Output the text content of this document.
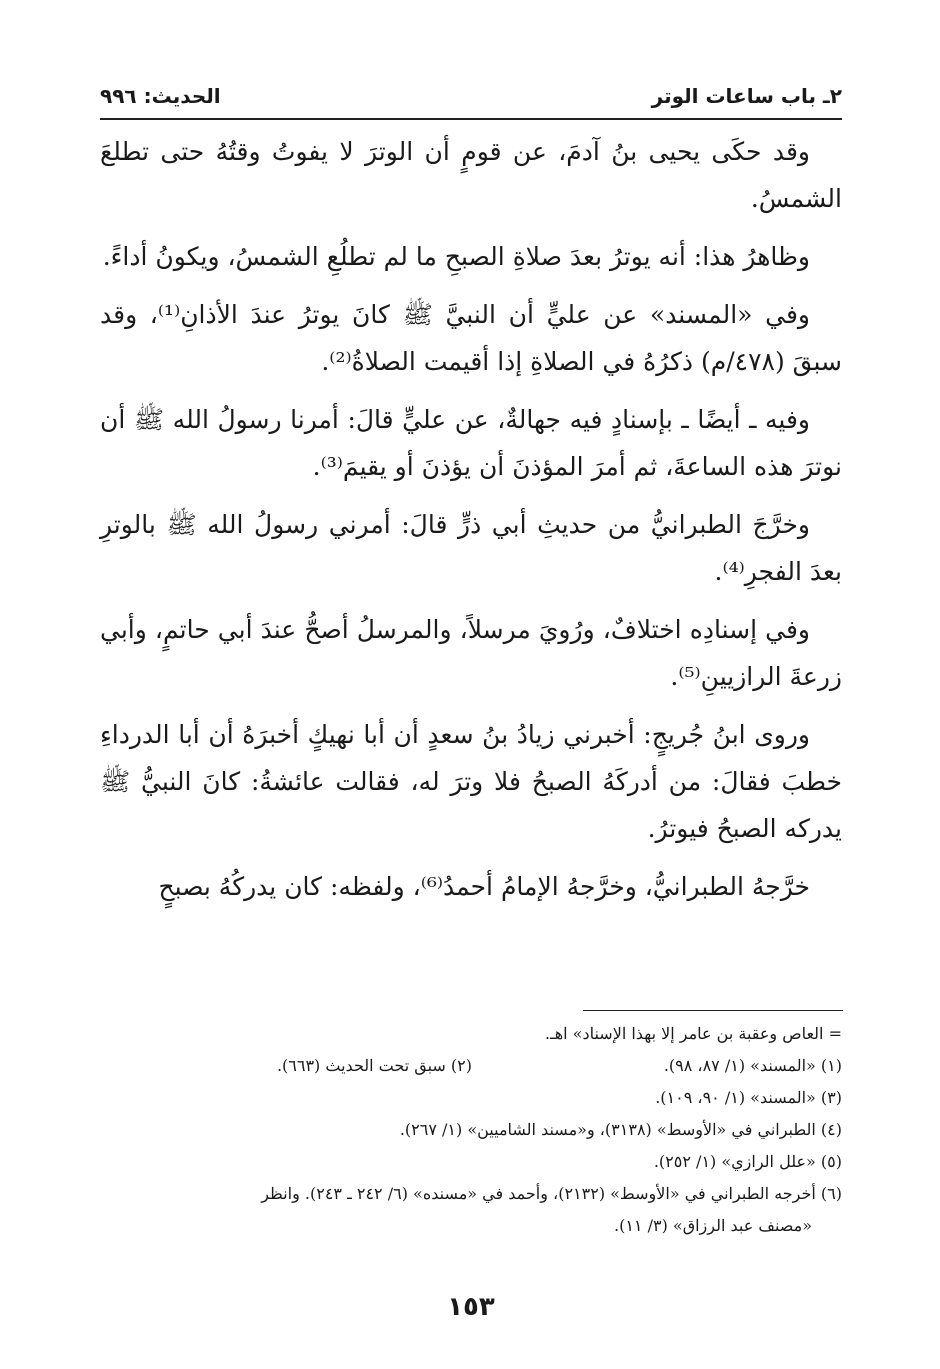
٢ـ باب ساعات الوتر
الحديث: ٩٩٦

وقد حكَى يحيى بنُ آدمَ، عن قومٍ أن الوترَ لا يفوتُ وقتُهُ حتى تطلعَ الشمسُ.

وظاهرُ هذا: أنه يوترُ بعدَ صلاةِ الصبحِ ما لم تطلُعِ الشمسُ، ويكونُ أداءً.

وفي «المسند» عن عليٍّ أن النبيَّ ﷺ كانَ يوترُ عندَ الأذانِ⁽¹⁾، وقد سبقَ (٤٧٨/م) ذكرُهُ في الصلاةِ إذا أقيمت الصلاةُ⁽²⁾.

وفيه ـ أيضًا ـ بإسنادٍ فيه جهالةٌ، عن عليٍّ قالَ: أمرنا رسولُ الله ﷺ أن نوترَ هذه الساعةَ، ثم أمرَ المؤذنَ أن يؤذنَ أو يقيمَ⁽³⁾.

وخرَّجَ الطبرانيُّ من حديثِ أبي ذرٍّ قالَ: أمرني رسولُ الله ﷺ بالوترِ بعدَ الفجرِ⁽⁴⁾.

وفي إسنادِه اختلافٌ، ورُويَ مرسلاً، والمرسلُ أصحُّ عندَ أبي حاتمٍ، وأبي زرعةَ الرازيينِ⁽⁵⁾.

وروى ابنُ جُريجٍ: أخبرني زيادُ بنُ سعدٍ أن أبا نهيكٍ أخبرَهُ أن أبا الدرداءِ خطبَ فقالَ: من أدركَهُ الصبحُ فلا وترَ له، فقالت عائشةُ: كانَ النبيُّ ﷺ يدركه الصبحُ فيوترُ.

خرَّجهُ الطبرانيُّ، وخرَّجهُ الإمامُ أحمدُ⁽⁶⁾، ولفظه: كان يدركُهُ بصبحٍ

= العاص وعقبة بن عامر إلا بهذا الإسناد» اهـ.

(١) «المسند» (١/ ٨٧، ٩٨).

(٢) سبق تحت الحديث (٦٦٣).

(٣) «المسند» (١/ ٩٠، ١٠٩).

(٤) الطبراني في «الأوسط» (٣١٣٨)، و«مسند الشاميين» (١/ ٢٦٧).

(٥) «علل الرازي» (١/ ٢٥٢).

(٦) أخرجه الطبراني في «الأوسط» (٢١٣٢)، وأحمد في «مسنده» (٦/ ٢٤٢ ـ ٢٤٣). وانظر

«مصنف عبد الرزاق» (٣/ ١١).

١٥٣
